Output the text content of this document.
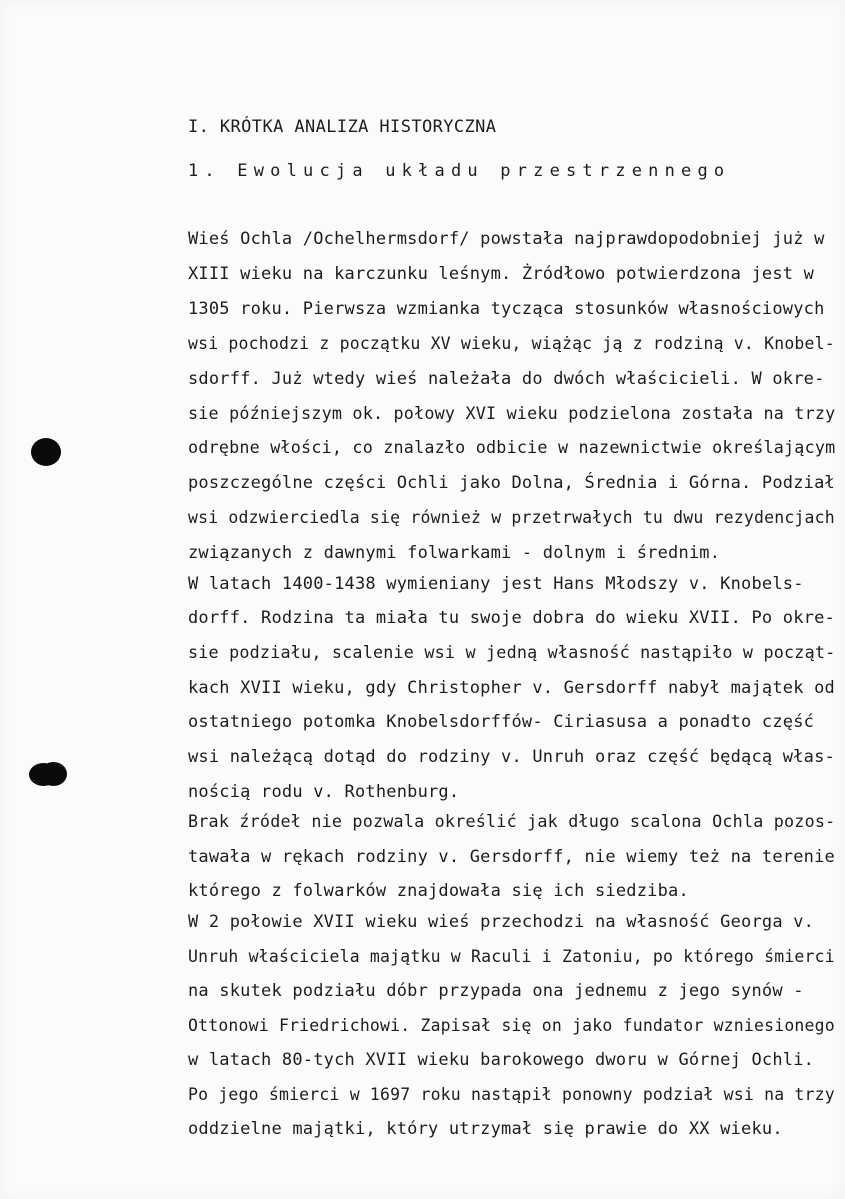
I. KRÓTKA ANALIZA HISTORYCZNA
1. Ewolucja układu przestrzennego
Wieś Ochla /Ochelhermsdorf/ powstała najprawdopodobniej już w
XIII wieku na karczunku leśnym. Żródłowo potwierdzona jest w
1305 roku. Pierwsza wzmianka tycząca stosunków własnościowych
wsi pochodzi z początku XV wieku, wiążąc ją z rodziną v. Knobel-
sdorff. Już wtedy wieś należała do dwóch właścicieli. W okre-
sie późniejszym ok. połowy XVI wieku podzielona została na trzy
odrębne włości, co znalazło odbicie w nazewnictwie określającym
poszczególne części Ochli jako Dolna, Średnia i Górna. Podział
wsi odzwierciedla się również w przetrwałych tu dwu rezydencjach
związanych z dawnymi folwarkami - dolnym i średnim.
W latach 1400-1438 wymieniany jest Hans Młodszy v. Knobels-
dorff. Rodzina ta miała tu swoje dobra do wieku XVII. Po okre-
sie podziału, scalenie wsi w jedną własność nastąpiło w począt-
kach XVII wieku, gdy Christopher v. Gersdorff nabył majątek od
ostatniego potomka Knobelsdorffów- Ciriasusa a ponadto część
wsi należącą dotąd do rodziny v. Unruh oraz część będącą włas-
nością rodu v. Rothenburg.
Brak źródeł nie pozwala określić jak długo scalona Ochla pozos-
tawała w rękach rodziny v. Gersdorff, nie wiemy też na terenie
którego z folwarków znajdowała się ich siedziba.
W 2 połowie XVII wieku wieś przechodzi na własność Georga v.
Unruh właściciela majątku w Raculi i Zatoniu, po którego śmierci
na skutek podziału dóbr przypada ona jednemu z jego synów -
Ottonowi Friedrichowi. Zapisał się on jako fundator wzniesionego
w latach 80-tych XVII wieku barokowego dworu w Górnej Ochli.
Po jego śmierci w 1697 roku nastąpił ponowny podział wsi na trzy
oddzielne majątki, który utrzymał się prawie do XX wieku.
